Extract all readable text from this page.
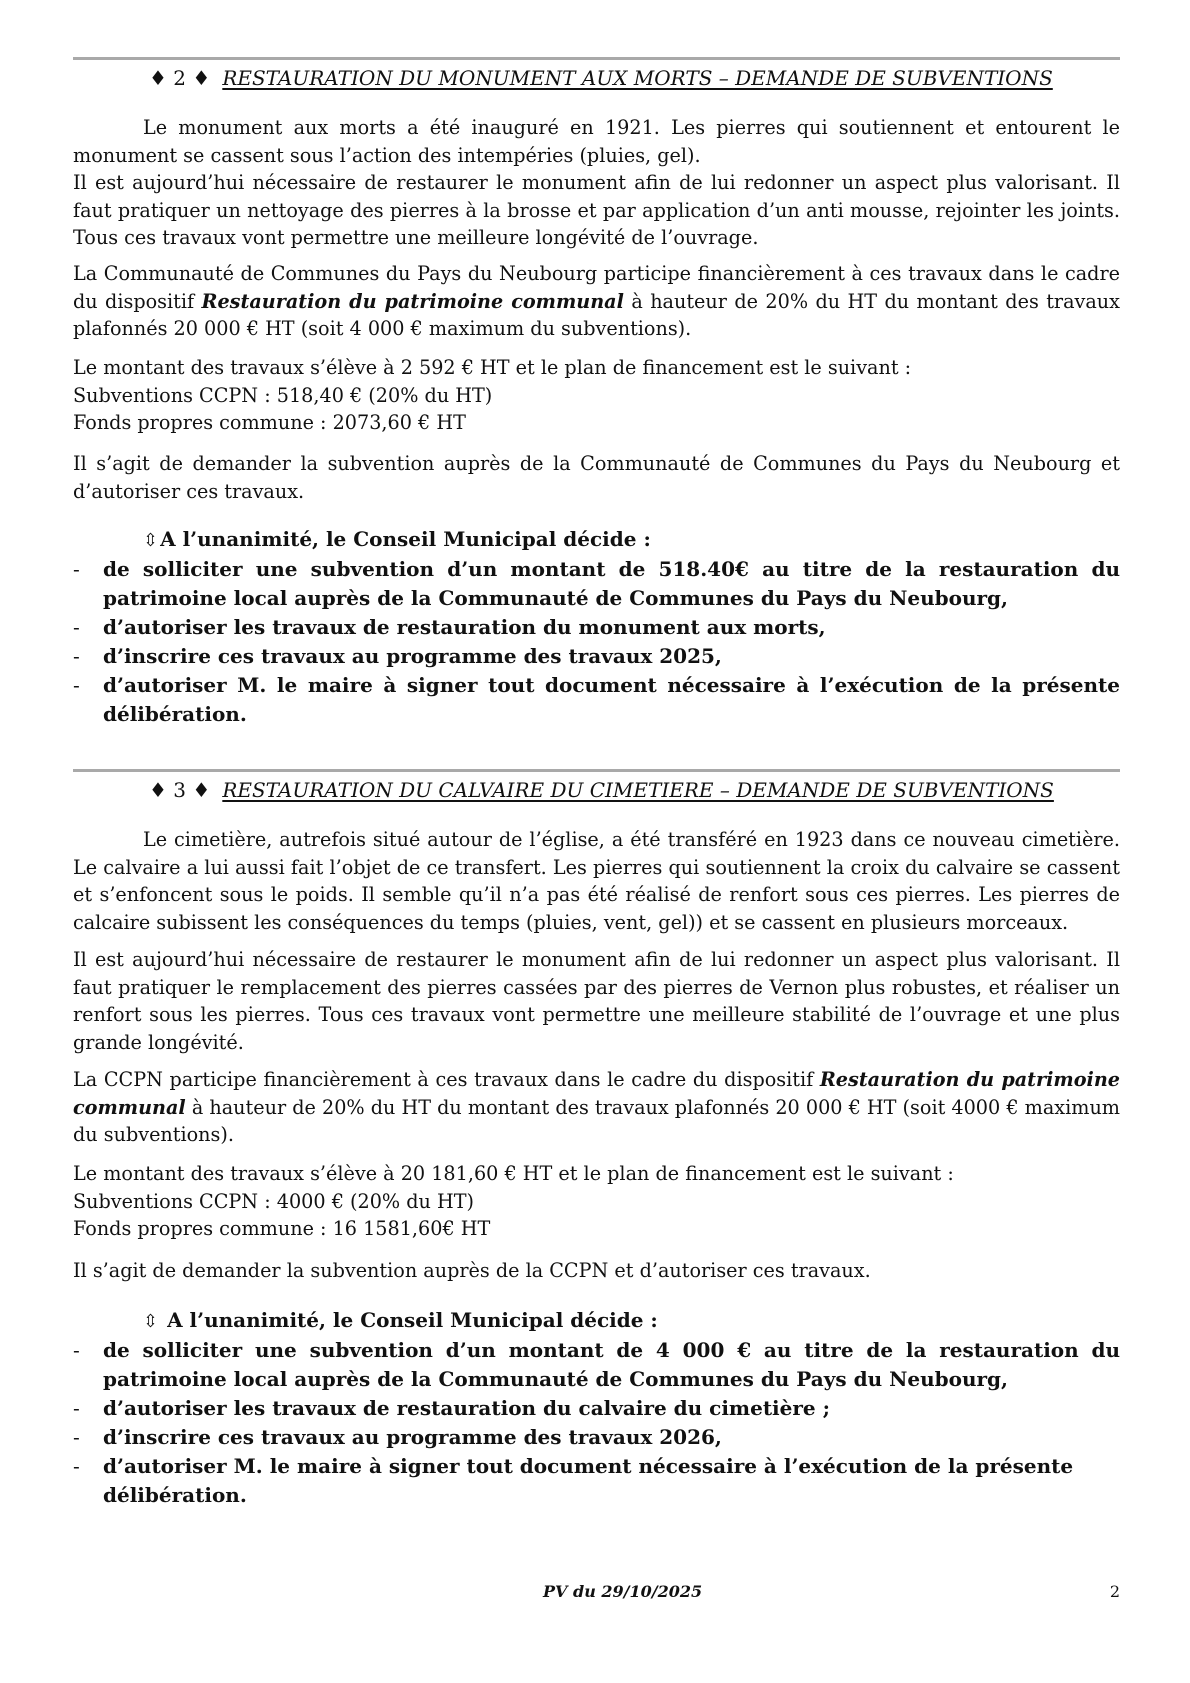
♦ 2 ♦ RESTAURATION DU MONUMENT AUX MORTS – DEMANDE DE SUBVENTIONS
Le monument aux morts a été inauguré en 1921. Les pierres qui soutiennent et entourent le monument se cassent sous l’action des intempéries (pluies, gel).
Il est aujourd’hui nécessaire de restaurer le monument afin de lui redonner un aspect plus valorisant. Il faut pratiquer un nettoyage des pierres à la brosse et par application d’un anti mousse, rejointer les joints. Tous ces travaux vont permettre une meilleure longévité de l’ouvrage.
La Communauté de Communes du Pays du Neubourg participe financièrement à ces travaux dans le cadre du dispositif Restauration du patrimoine communal à hauteur de 20% du HT du montant des travaux plafonnés 20 000 € HT (soit 4 000 € maximum du subventions).
Le montant des travaux s’élève à 2 592 € HT et le plan de financement est le suivant :
Subventions CCPN : 518,40 € (20% du HT)
Fonds propres commune : 2073,60 € HT
Il s’agit de demander la subvention auprès de la Communauté de Communes du Pays du Neubourg et d’autoriser ces travaux.
⇳ A l’unanimité, le Conseil Municipal décide :
- de solliciter une subvention d’un montant de 518.40€ au titre de la restauration du patrimoine local auprès de la Communauté de Communes du Pays du Neubourg,
- d’autoriser les travaux de restauration du monument aux morts,
- d’inscrire ces travaux au programme des travaux 2025,
- d’autoriser M. le maire à signer tout document nécessaire à l’exécution de la présente délibération.
♦ 3 ♦ RESTAURATION DU CALVAIRE DU CIMETIERE – DEMANDE DE SUBVENTIONS
Le cimetière, autrefois situé autour de l’église, a été transféré en 1923 dans ce nouveau cimetière. Le calvaire a lui aussi fait l’objet de ce transfert. Les pierres qui soutiennent la croix du calvaire se cassent et s’enfoncent sous le poids. Il semble qu’il n’a pas été réalisé de renfort sous ces pierres. Les pierres de calcaire subissent les conséquences du temps (pluies, vent, gel)) et se cassent en plusieurs morceaux.
Il est aujourd’hui nécessaire de restaurer le monument afin de lui redonner un aspect plus valorisant. Il faut pratiquer le remplacement des pierres cassées par des pierres de Vernon plus robustes, et réaliser un renfort sous les pierres. Tous ces travaux vont permettre une meilleure stabilité de l’ouvrage et une plus grande longévité.
La CCPN participe financièrement à ces travaux dans le cadre du dispositif Restauration du patrimoine communal à hauteur de 20% du HT du montant des travaux plafonnés 20 000 € HT (soit 4000 € maximum du subventions).
Le montant des travaux s’élève à 20 181,60 € HT et le plan de financement est le suivant :
Subventions CCPN : 4000 € (20% du HT)
Fonds propres commune : 16 1581,60€ HT
Il s’agit de demander la subvention auprès de la CCPN et d’autoriser ces travaux.
⇳ A l’unanimité, le Conseil Municipal décide :
- de solliciter une subvention d’un montant de 4 000 € au titre de la restauration du patrimoine local auprès de la Communauté de Communes du Pays du Neubourg,
- d’autoriser les travaux de restauration du calvaire du cimetière ;
- d’inscrire ces travaux au programme des travaux 2026,
- d’autoriser M. le maire à signer tout document nécessaire à l’exécution de la présente délibération.
PV du 29/10/2025	2
